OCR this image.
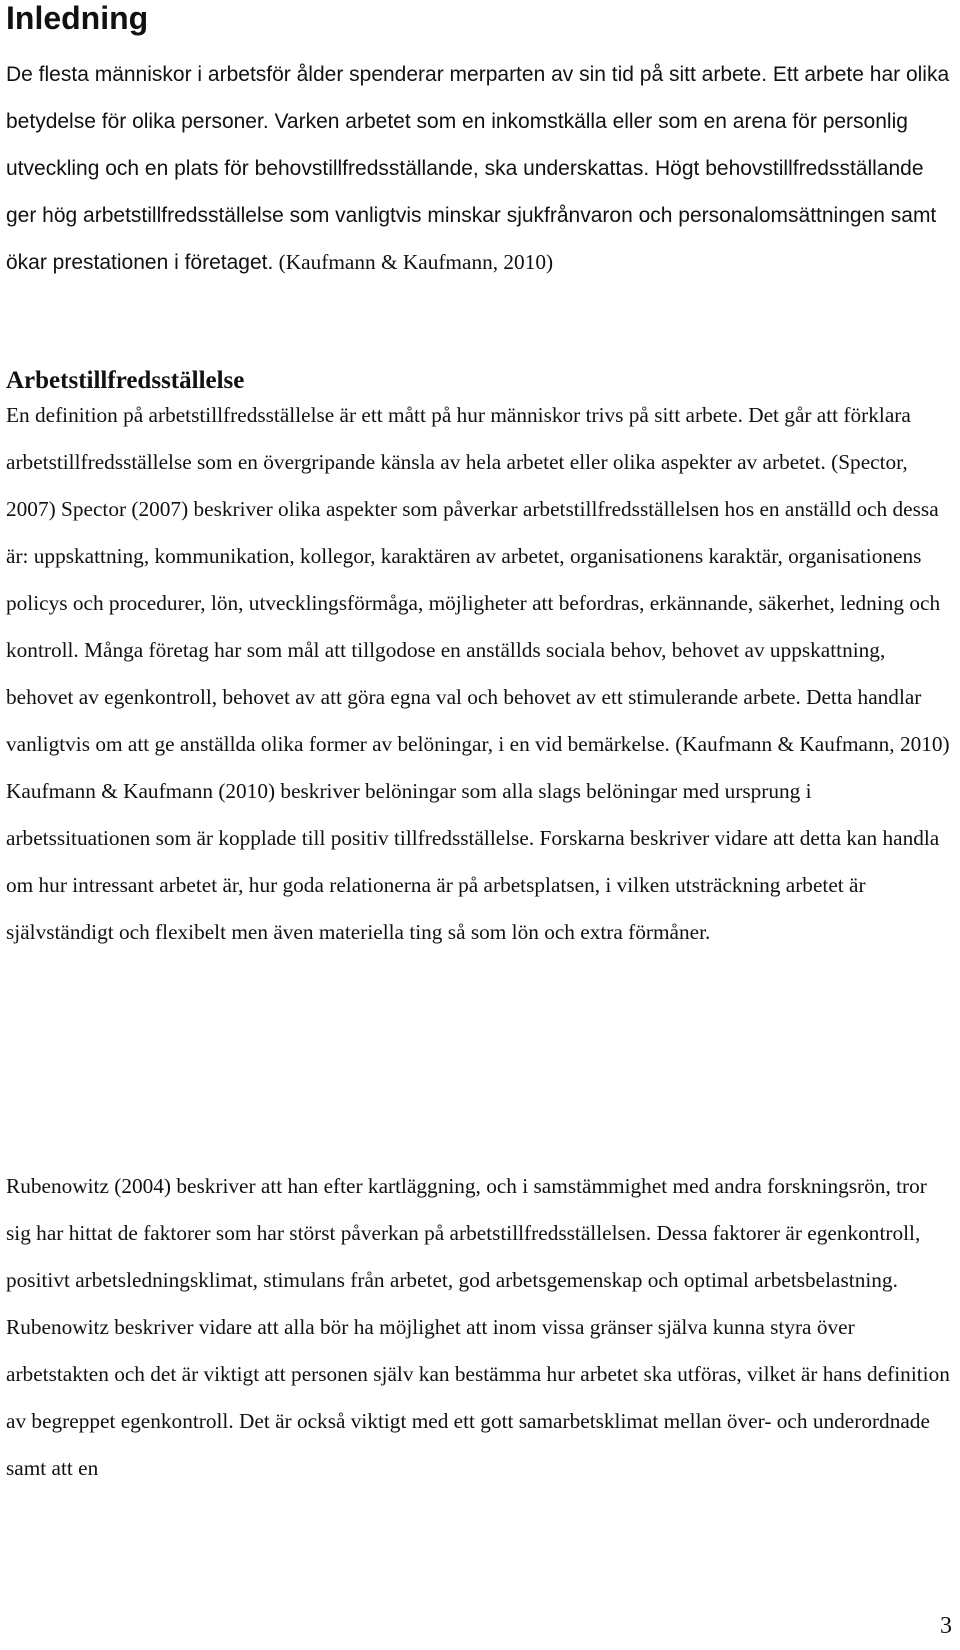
Inledning

De flesta människor i arbetsför ålder spenderar merparten av sin tid på sitt arbete. Ett arbete har olika betydelse för olika personer. Varken arbetet som en inkomstkälla eller som en arena för personlig utveckling och en plats för behovstillfredsställande, ska underskattas. Högt behovstillfredsställande ger hög arbetstillfredsställelse som vanligtvis minskar sjukfrånvaron och personalomsättningen samt ökar prestationen i företaget. (Kaufmann & Kaufmann, 2010)

Arbetstillfredsställelse

En definition på arbetstillfredsställelse är ett mått på hur människor trivs på sitt arbete. Det går att förklara arbetstillfredsställelse som en övergripande känsla av hela arbetet eller olika aspekter av arbetet. (Spector, 2007) Spector (2007) beskriver olika aspekter som påverkar arbetstillfredsställelsen hos en anställd och dessa är: uppskattning, kommunikation, kollegor, karaktären av arbetet, organisationens karaktär, organisationens policys och procedurer, lön, utvecklingsförmåga, möjligheter att befordras, erkännande, säkerhet, ledning och kontroll. Många företag har som mål att tillgodose en anställds sociala behov, behovet av uppskattning, behovet av egenkontroll, behovet av att göra egna val och behovet av ett stimulerande arbete. Detta handlar vanligtvis om att ge anställda olika former av belöningar, i en vid bemärkelse. (Kaufmann & Kaufmann, 2010) Kaufmann & Kaufmann (2010) beskriver belöningar som alla slags belöningar med ursprung i arbetssituationen som är kopplade till positiv tillfredsställelse. Forskarna beskriver vidare att detta kan handla om hur intressant arbetet är, hur goda relationerna är på arbetsplatsen, i vilken utsträckning arbetet är självständigt och flexibelt men även materiella ting så som lön och extra förmåner.

Rubenowitz (2004) beskriver att han efter kartläggning, och i samstämmighet med andra forskningsrön, tror sig har hittat de faktorer som har störst påverkan på arbetstillfredsställelsen. Dessa faktorer är egenkontroll, positivt arbetsledningsklimat, stimulans från arbetet, god arbetsgemenskap och optimal arbetsbelastning. Rubenowitz beskriver vidare att alla bör ha möjlighet att inom vissa gränser själva kunna styra över arbetstakten och det är viktigt att personen själv kan bestämma hur arbetet ska utföras, vilket är hans definition av begreppet egenkontroll. Det är också viktigt med ett gott samarbetsklimat mellan över- och underordnade samt att en

3
